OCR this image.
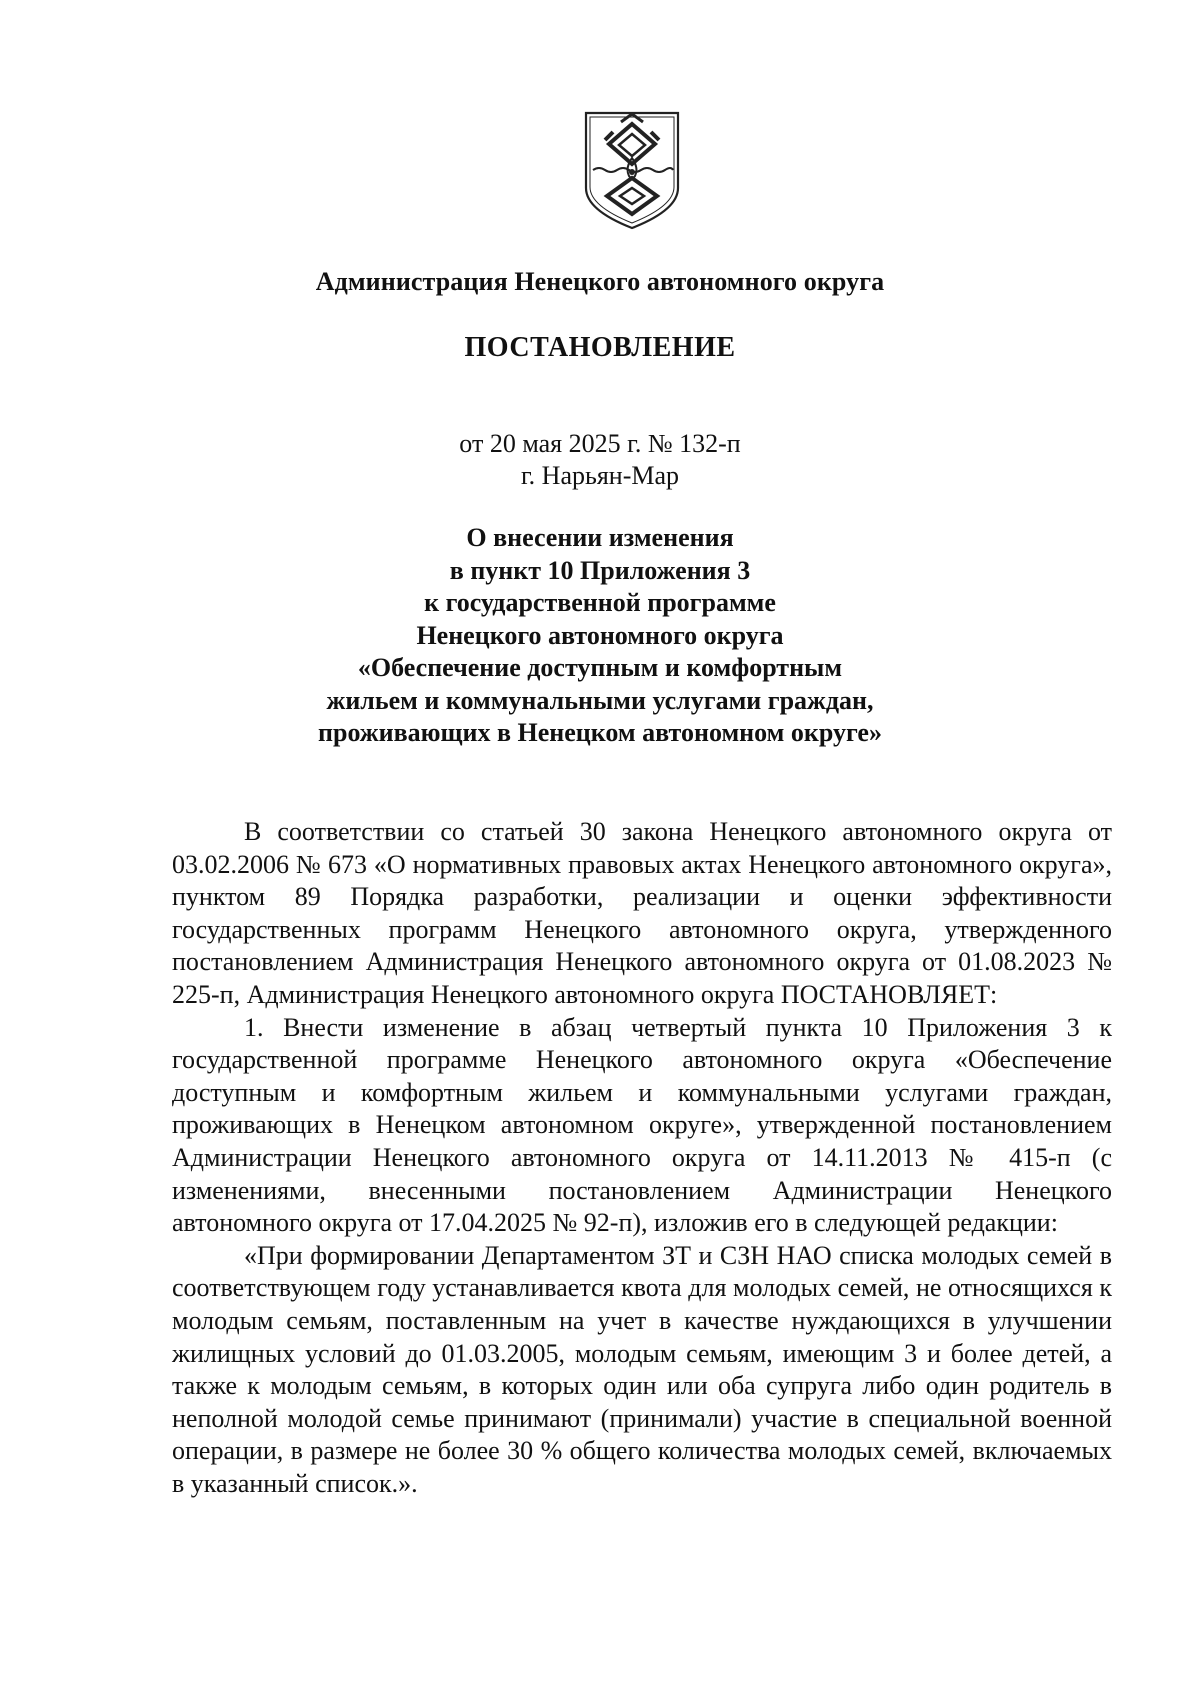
Администрация Ненецкого автономного округа
ПОСТАНОВЛЕНИЕ
от 20 мая 2025 г. № 132-п
г. Нарьян-Мар
О внесении изменения
в пункт 10 Приложения 3
к государственной программе
Ненецкого автономного округа
«Обеспечение доступным и комфортным
жильем и коммунальными услугами граждан,
проживающих в Ненецком автономном округе»

В соответствии со статьей 30 закона Ненецкого автономного округа от 03.02.2006 № 673 «О нормативных правовых актах Ненецкого автономного округа», пунктом 89 Порядка разработки, реализации и оценки эффективности государственных программ Ненецкого автономного округа, утвержденного постановлением Администрация Ненецкого автономного округа от 01.08.2023 № 225-п, Администрация Ненецкого автономного округа ПОСТАНОВЛЯЕТ:

1. Внести изменение в абзац четвертый пункта 10 Приложения 3 к государственной программе Ненецкого автономного округа «Обеспечение доступным и комфортным жильем и коммунальными услугами граждан, проживающих в Ненецком автономном округе», утвержденной постановлением Администрации Ненецкого автономного округа от 14.11.2013 № 415-п (с изменениями, внесенными постановлением Администрации Ненецкого автономного округа от 17.04.2025 № 92-п), изложив его в следующей редакции:

«При формировании Департаментом ЗТ и СЗН НАО списка молодых семей в соответствующем году устанавливается квота для молодых семей, не относящихся к молодым семьям, поставленным на учет в качестве нуждающихся в улучшении жилищных условий до 01.03.2005, молодым семьям, имеющим 3 и более детей, а также к молодым семьям, в которых один или оба супруга либо один родитель в неполной молодой семье принимают (принимали) участие в специальной военной операции, в размере не более 30 % общего количества молодых семей, включаемых в указанный список.».
